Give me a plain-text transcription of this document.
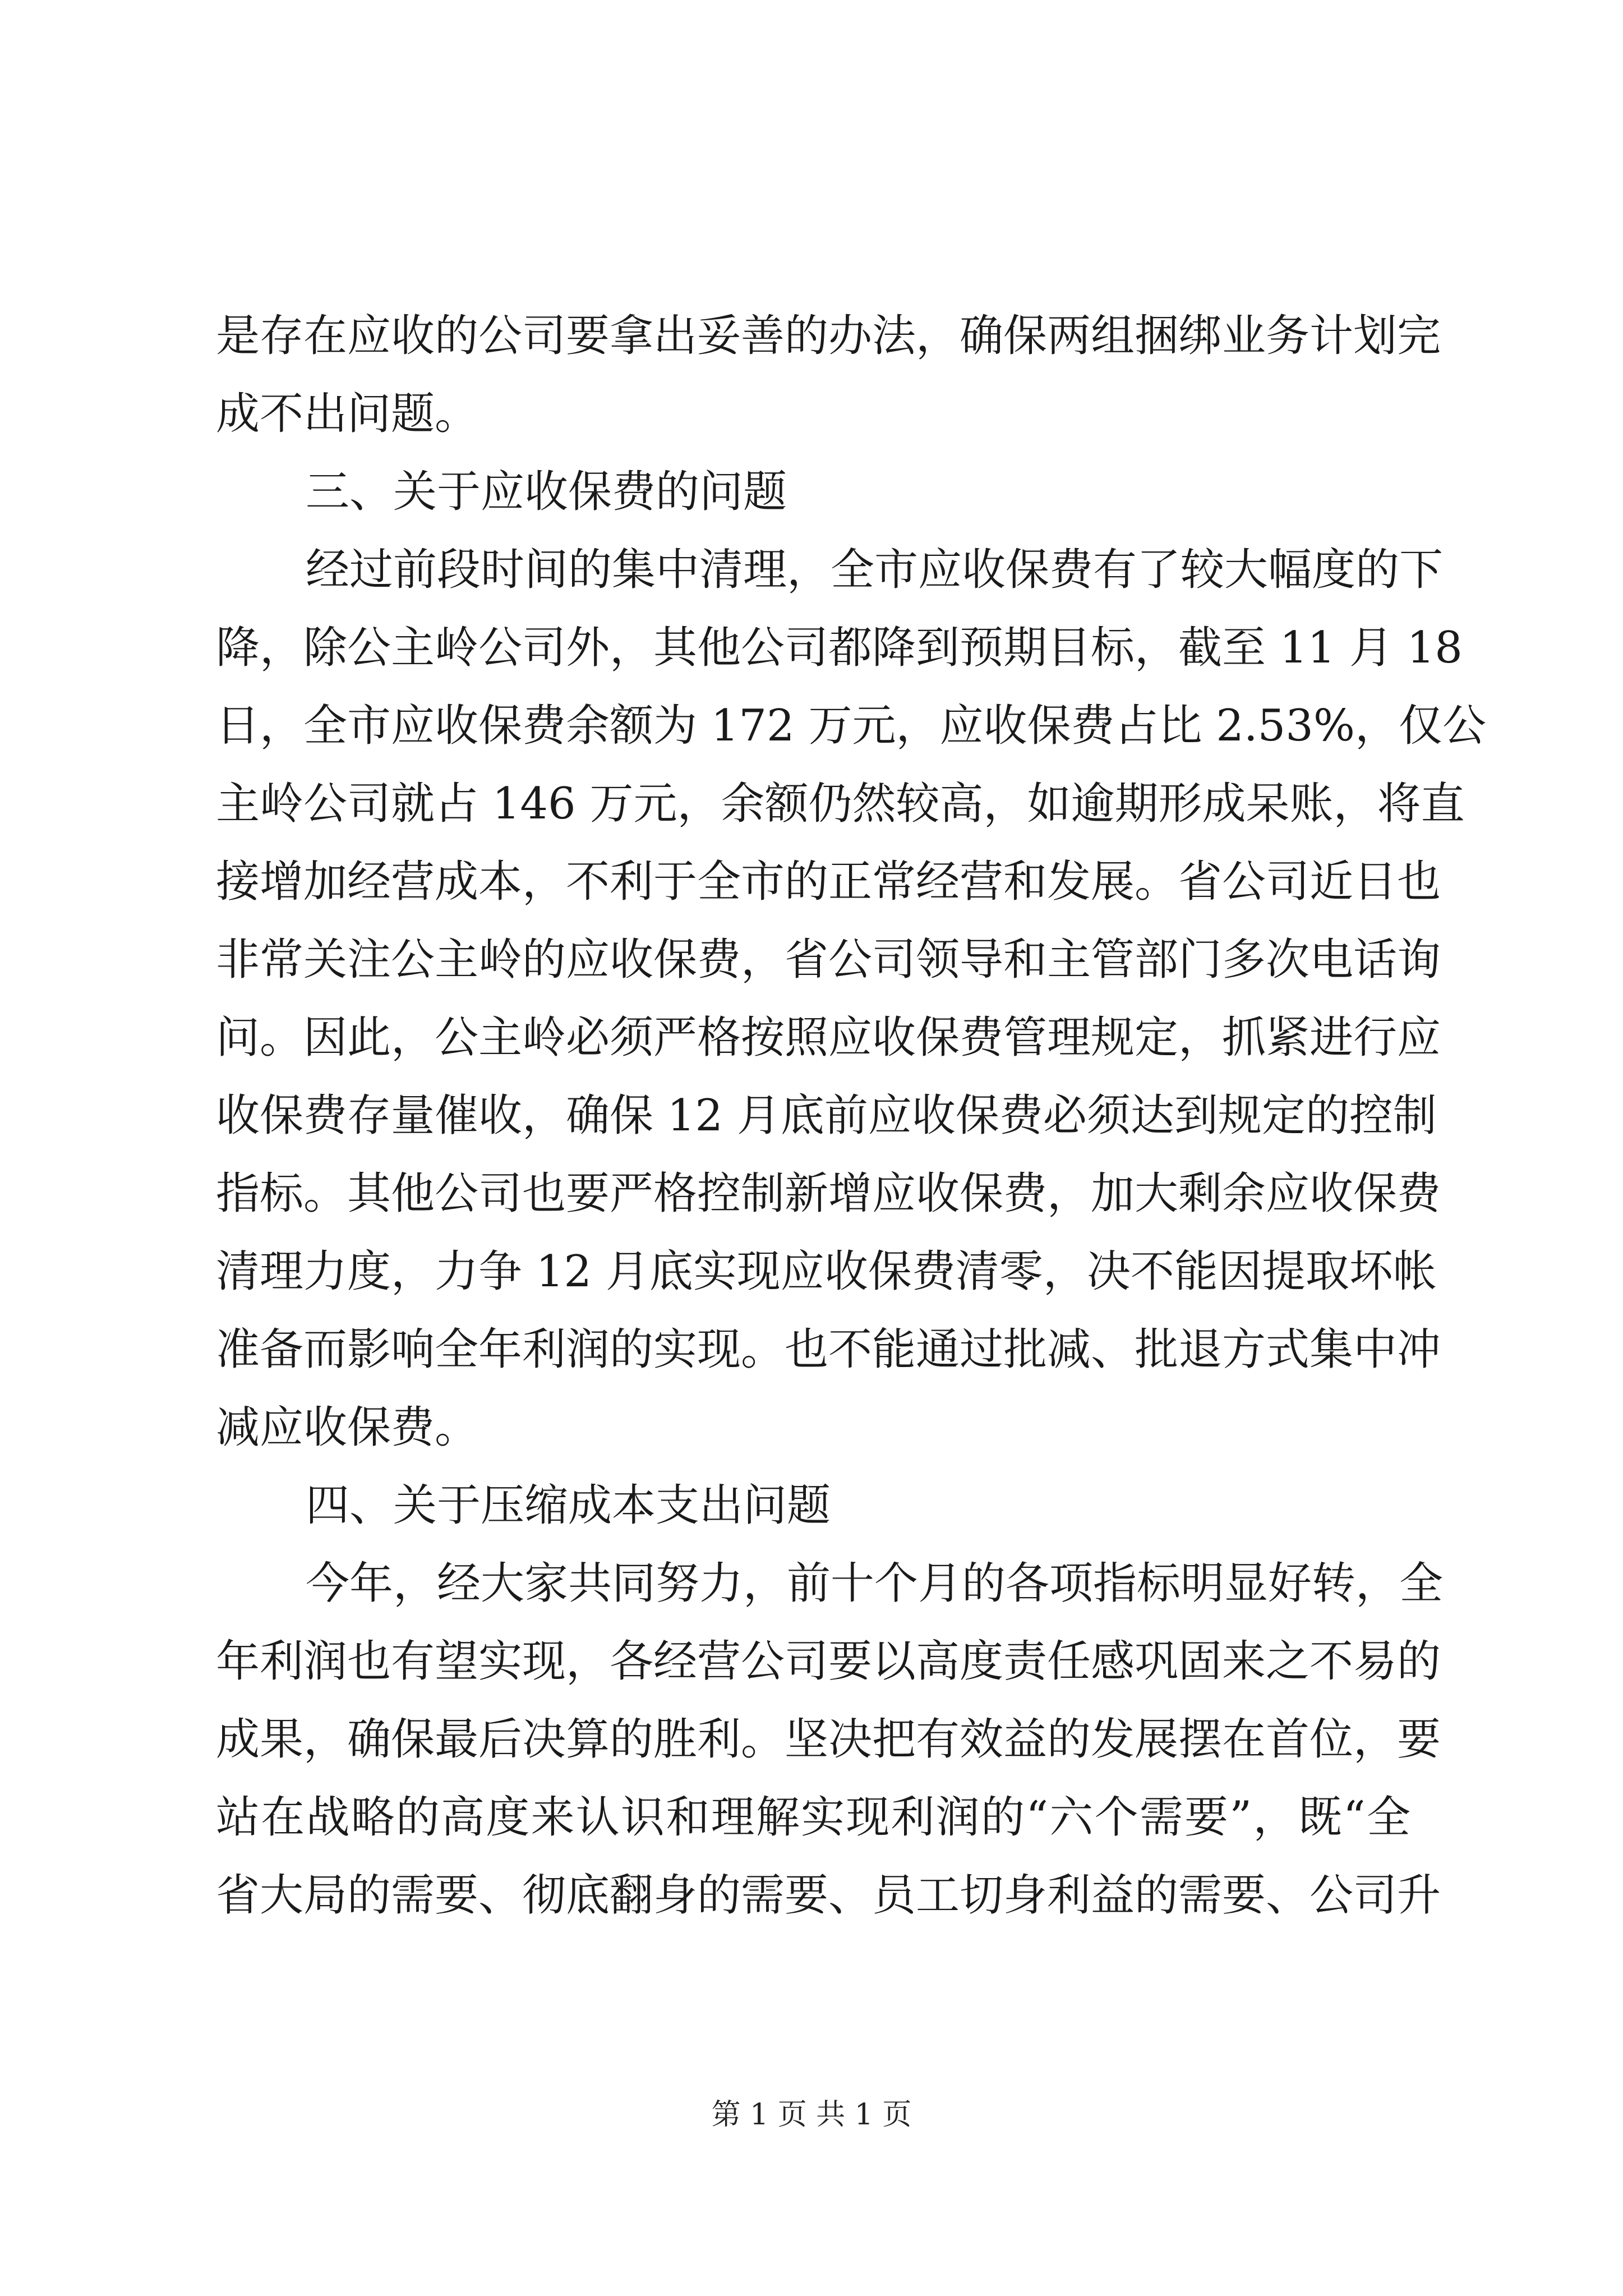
是存在应收的公司要拿出妥善的办法，确保两组捆绑业务计划完
成不出问题。
三、关于应收保费的问题
经过前段时间的集中清理，全市应收保费有了较大幅度的下
降，除公主岭公司外，其他公司都降到预期目标，截至 11 月 18
日，全市应收保费余额为 172 万元，应收保费占比 2.53%，仅公
主岭公司就占 146 万元，余额仍然较高，如逾期形成呆账，将直
接增加经营成本，不利于全市的正常经营和发展。省公司近日也
非常关注公主岭的应收保费，省公司领导和主管部门多次电话询
问。因此，公主岭必须严格按照应收保费管理规定，抓紧进行应
收保费存量催收，确保 12 月底前应收保费必须达到规定的控制
指标。其他公司也要严格控制新增应收保费，加大剩余应收保费
清理力度，力争 12 月底实现应收保费清零，决不能因提取坏帐
准备而影响全年利润的实现。也不能通过批减、批退方式集中冲
减应收保费。
四、关于压缩成本支出问题
今年，经大家共同努力，前十个月的各项指标明显好转，全
年利润也有望实现，各经营公司要以高度责任感巩固来之不易的
成果，确保最后决算的胜利。坚决把有效益的发展摆在首位，要
站在战略的高度来认识和理解实现利润的“六个需要”，既“全
省大局的需要、彻底翻身的需要、员工切身利益的需要、公司升
第 1 页 共 1 页
